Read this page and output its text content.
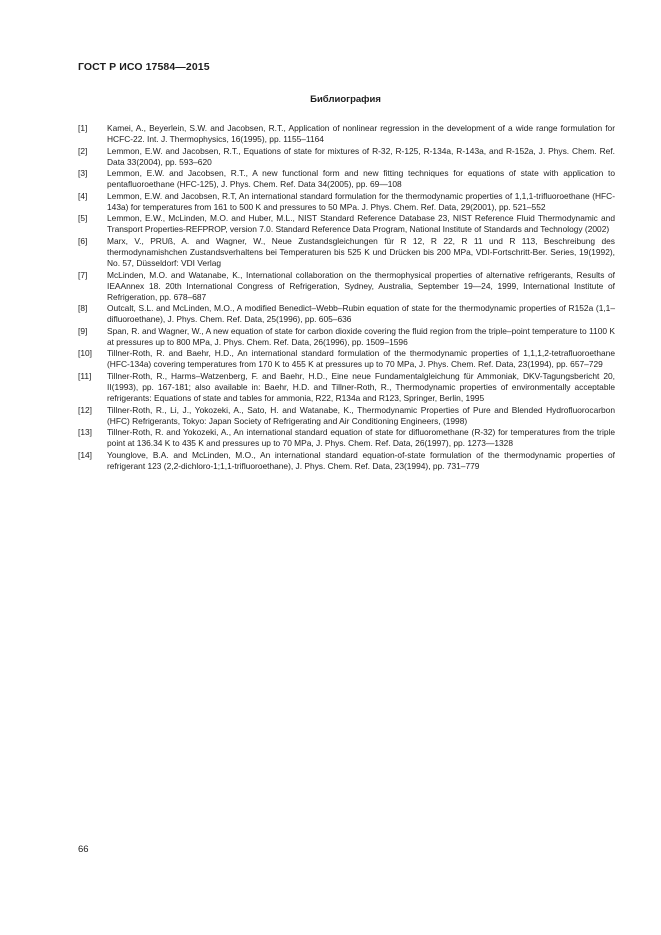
ГОСТ Р ИСО 17584—2015
Библиография
[1]	Kamei, A., Beyerlein, S.W. and Jacobsen, R.T., Application of nonlinear regression in the development of a wide range formulation for HCFC-22. Int. J. Thermophysics, 16(1995), pp. 1155–1164
[2]	Lemmon, E.W. and Jacobsen, R.T., Equations of state for mixtures of R-32, R-125, R-134a, R-143a, and R-152a, J. Phys. Chem. Ref. Data 33(2004), pp. 593–620
[3]	Lemmon, E.W. and Jacobsen, R.T., A new functional form and new fitting techniques for equations of state with application to pentafluoroethane (HFC-125), J. Phys. Chem. Ref. Data 34(2005), pp. 69—108
[4]	Lemmon, E.W. and Jacobsen, R.T, An international standard formulation for the thermodynamic properties of 1,1,1-trifluoroethane (HFC-143a) for temperatures from 161 to 500 K and pressures to 50 MPa. J. Phys. Chem. Ref. Data, 29(2001), pp. 521–552
[5]	Lemmon, E.W., McLinden, M.O. and Huber, M.L., NIST Standard Reference Database 23, NIST Reference Fluid Thermodynamic and Transport Properties-REFPROP, version 7.0. Standard Reference Data Program, National Institute of Standards and Technology (2002)
[6]	Marx, V., PRUß, A. and Wagner, W., Neue Zustandsgleichungen für R 12, R 22, R 11 und R 113, Beschreibung des thermodynamishchen Zustandsverhaltens bei Temperaturen bis 525 K und Drücken bis 200 MPa, VDI-Fortschritt-Ber. Series, 19(1992), No. 57, Düsseldorf: VDI Verlag
[7]	McLinden, M.O. and Watanabe, K., International collaboration on the thermophysical properties of alternative refrigerants, Results of IEAAnnex 18. 20th International Congress of Refrigeration, Sydney, Australia, September 19—24, 1999, International Institute of Refrigeration, pp. 678–687
[8]	Outcalt, S.L. and McLinden, M.O., A modified Benedict–Webb–Rubin equation of state for the thermodynamic properties of R152a (1,1–difluoroethane), J. Phys. Chem. Ref. Data, 25(1996), pp. 605–636
[9]	Span, R. and Wagner, W., A new equation of state for carbon dioxide covering the fluid region from the triple–point temperature to 1100 K at pressures up to 800 MPa, J. Phys. Chem. Ref. Data, 26(1996), pp. 1509–1596
[10]	Tillner-Roth, R. and Baehr, H.D., An international standard formulation of the thermodynamic properties of 1,1,1,2-tetrafluoroethane (HFC-134a) covering temperatures from 170 K to 455 K at pressures up to 70 MPa, J. Phys. Chem. Ref. Data, 23(1994), pp. 657–729
[11]	Tillner-Roth, R., Harms–Watzenberg, F. and Baehr, H.D., Eine neue Fundamentalgleichung für Ammoniak, DKV-Tagungsbericht 20, II(1993), pp. 167-181; also available in: Baehr, H.D. and Tillner-Roth, R., Thermodynamic properties of environmentally acceptable refrigerants: Equations of state and tables for ammonia, R22, R134a and R123, Springer, Berlin, 1995
[12]	Tillner-Roth, R., Li, J., Yokozeki, A., Sato, H. and Watanabe, K., Thermodynamic Properties of Pure and Blended Hydrofluorocarbon (HFC) Refrigerants, Tokyo: Japan Society of Refrigerating and Air Conditioning Engineers, (1998)
[13]	Tillner-Roth, R. and Yokozeki, A., An international standard equation of state for difluoromethane (R-32) for temperatures from the triple point at 136.34 K to 435 K and pressures up to 70 MPa, J. Phys. Chem. Ref. Data, 26(1997), pp. 1273—1328
[14]	Younglove, B.A. and McLinden, M.O., An international standard equation-of-state formulation of the thermodynamic properties of refrigerant 123 (2,2-dichloro-1;1,1-trifluoroethane), J. Phys. Chem. Ref. Data, 23(1994), pp. 731–779
66
